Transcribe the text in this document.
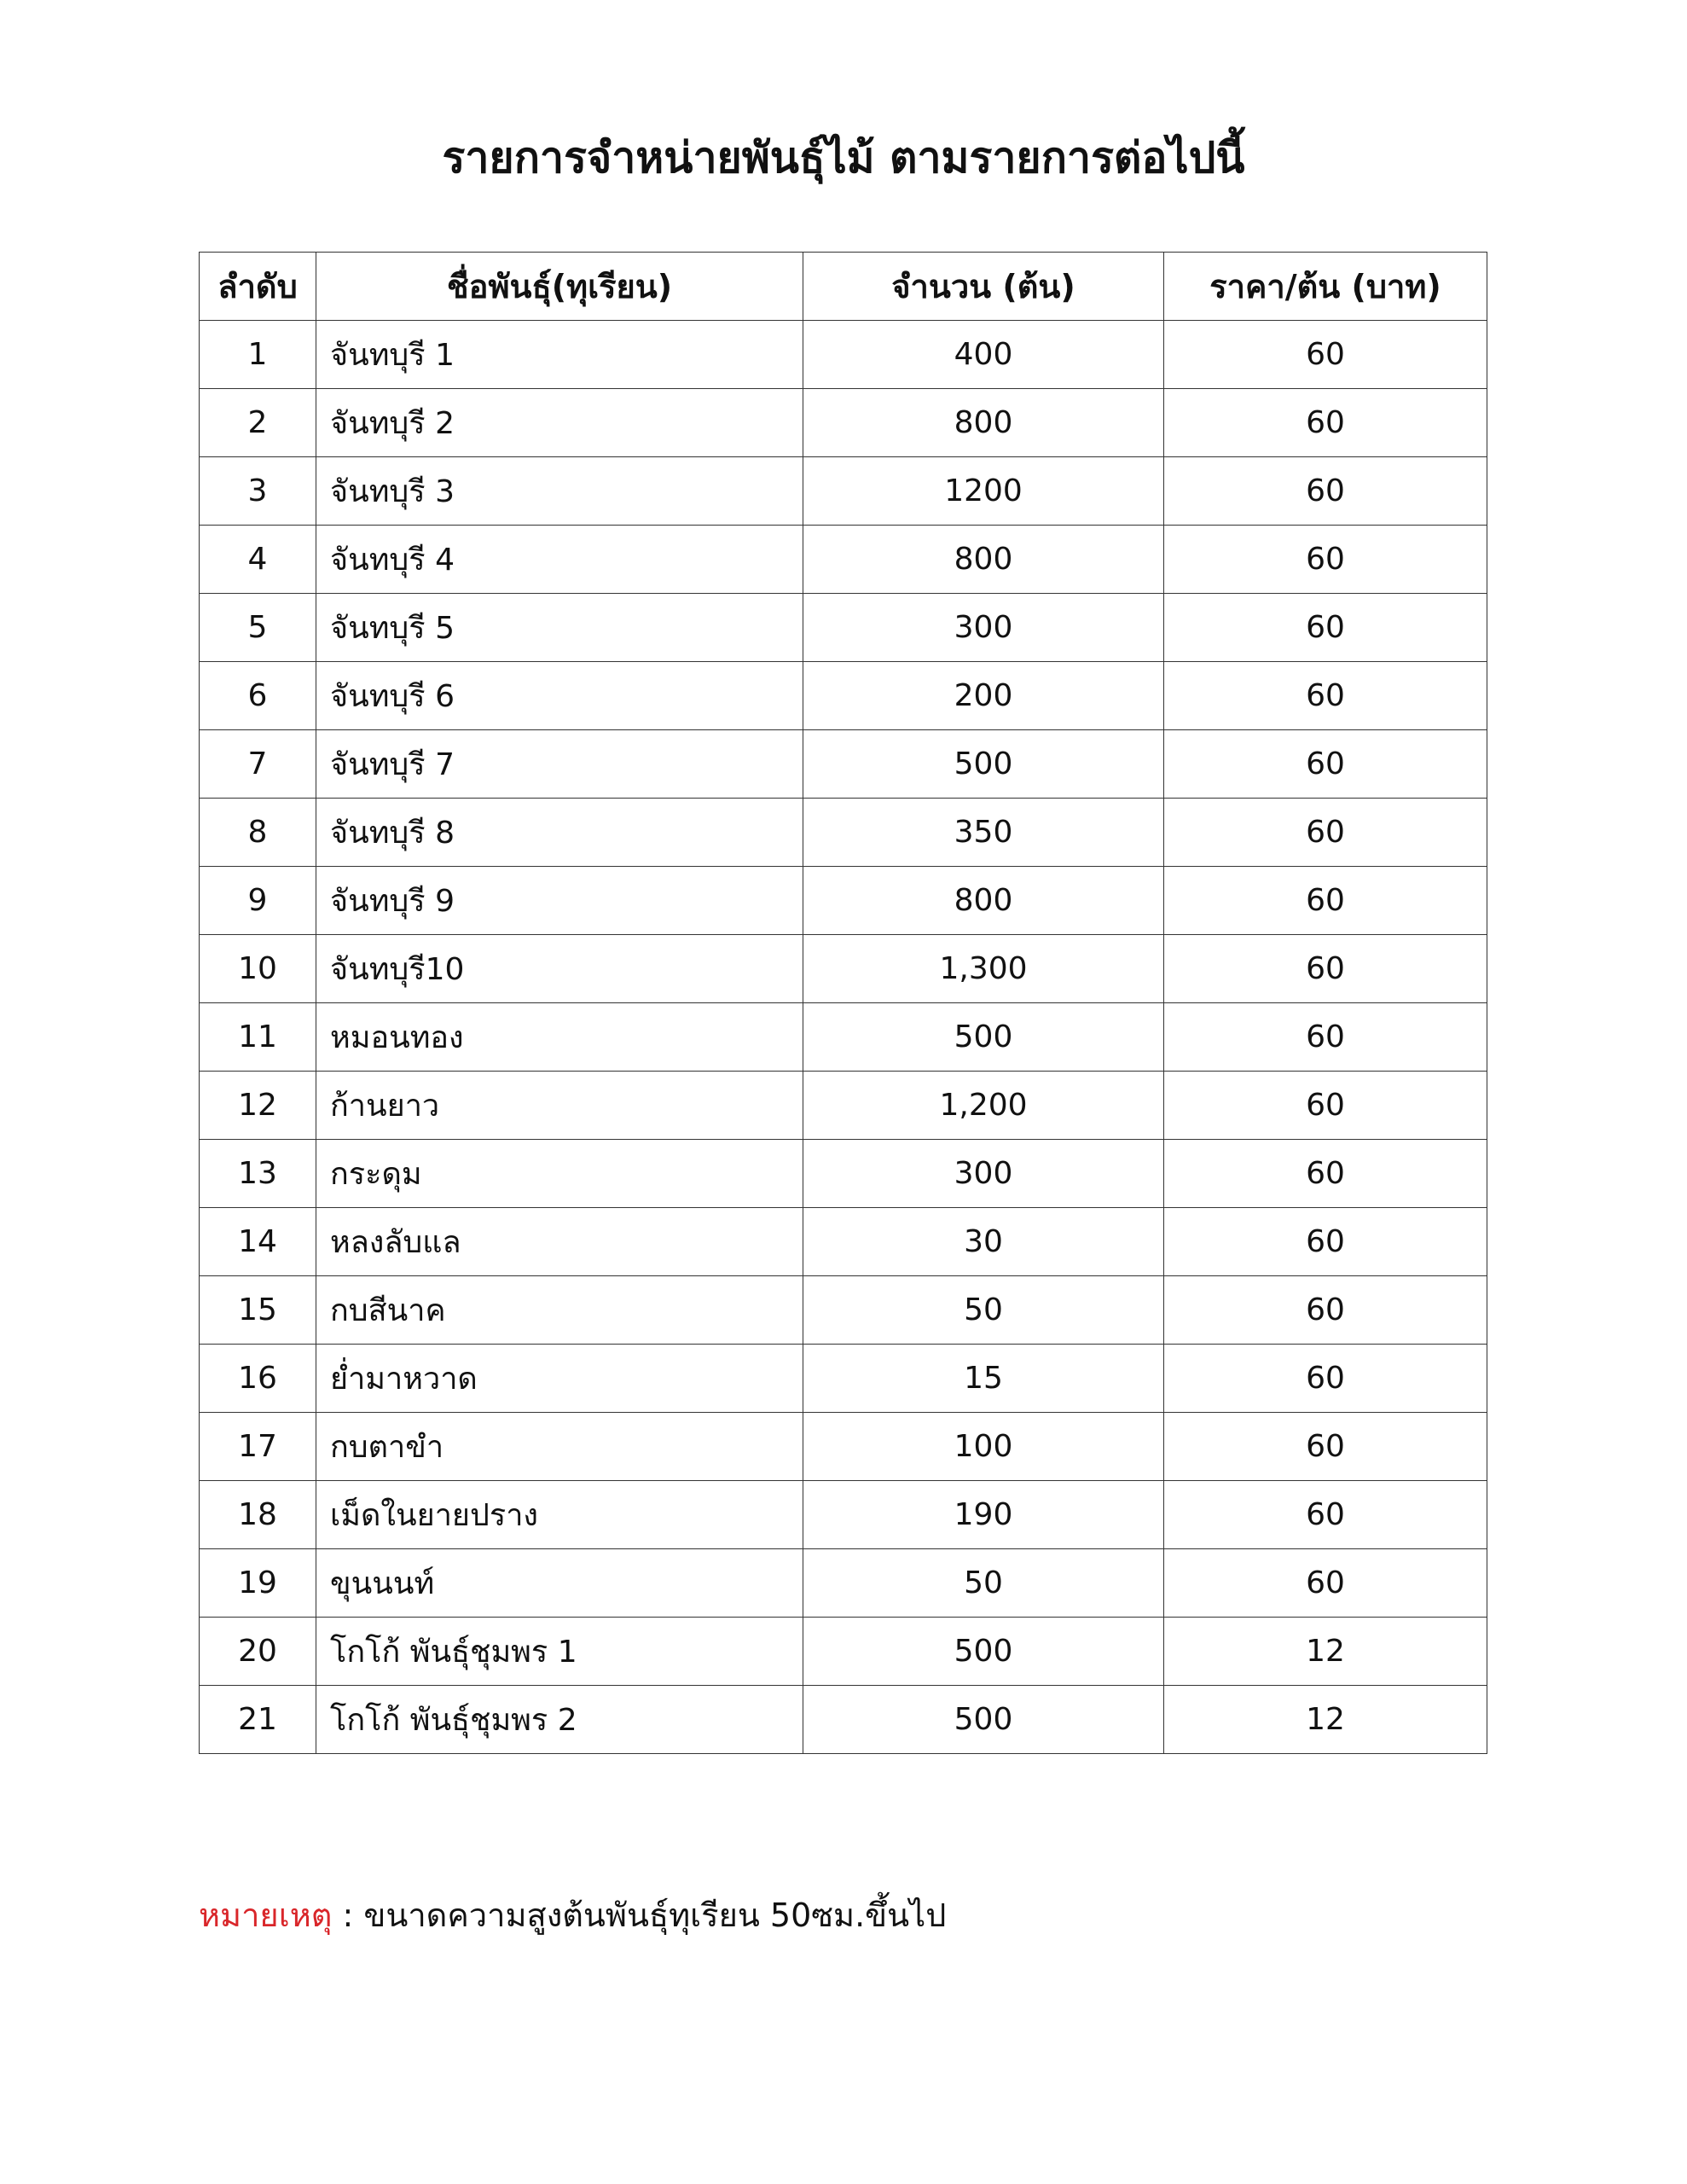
รายการจำหน่ายพันธุ์ไม้ ตามรายการต่อไปนี้
ลำดับ	ชื่อพันธุ์(ทุเรียน)	จำนวน (ต้น)	ราคา/ต้น (บาท)
1	จันทบุรี 1	400	60
2	จันทบุรี 2	800	60
3	จันทบุรี 3	1200	60
4	จันทบุรี 4	800	60
5	จันทบุรี 5	300	60
6	จันทบุรี 6	200	60
7	จันทบุรี 7	500	60
8	จันทบุรี 8	350	60
9	จันทบุรี 9	800	60
10	จันทบุรี10	1,300	60
11	หมอนทอง	500	60
12	ก้านยาว	1,200	60
13	กระดุม	300	60
14	หลงลับแล	30	60
15	กบสีนาค	50	60
16	ย่ำมาหวาด	15	60
17	กบตาขำ	100	60
18	เม็ดในยายปราง	190	60
19	ขุนนนท์	50	60
20	โกโก้ พันธุ์ชุมพร 1	500	12
21	โกโก้ พันธุ์ชุมพร 2	500	12
หมายเหตุ : ขนาดความสูงต้นพันธุ์ทุเรียน 50ซม.ขึ้นไป
